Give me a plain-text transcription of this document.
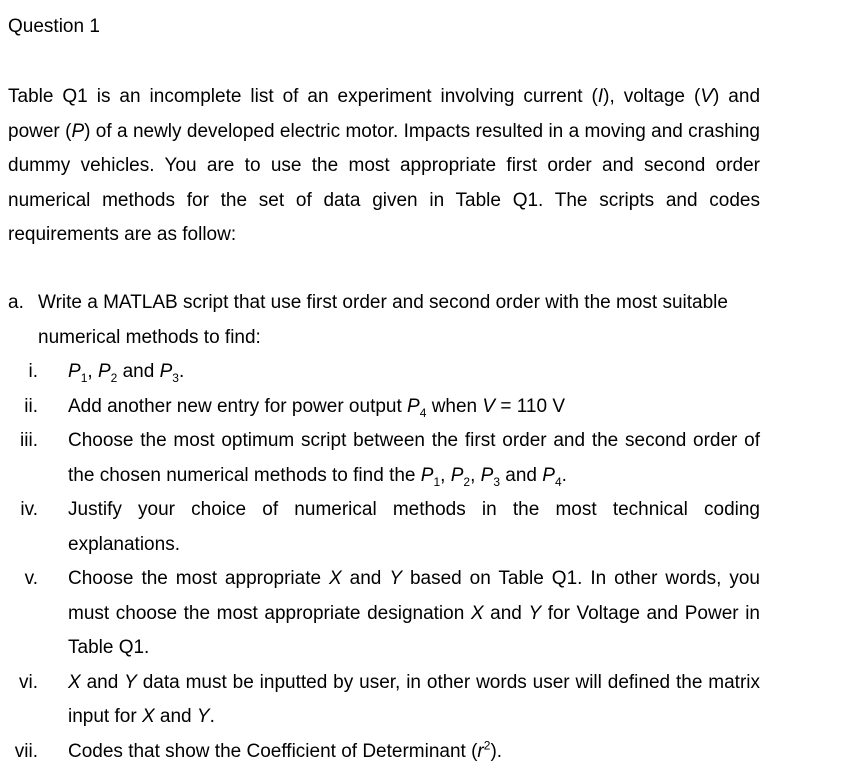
Question 1

Table Q1 is an incomplete list of an experiment involving current (I), voltage (V) and power (P) of a newly developed electric motor. Impacts resulted in a moving and crashing dummy vehicles. You are to use the most appropriate first order and second order numerical methods for the set of data given in Table Q1. The scripts and codes requirements are as follow:

a. Write a MATLAB script that use first order and second order with the most suitable numerical methods to find:
i.	$P_1$, $P_2$ and $P_3$.
ii.	Add another new entry for power output $P_4$ when V = 110 V
iii.	Choose the most optimum script between the first order and the second order of the chosen numerical methods to find the $P_1$, $P_2$, $P_3$ and $P_4$.
iv.	Justify your choice of numerical methods in the most technical coding explanations.
v.	Choose the most appropriate X and Y based on Table Q1. In other words, you must choose the most appropriate designation X and Y for Voltage and Power in Table Q1.
vi.	X and Y data must be inputted by user, in other words user will defined the matrix input for X and Y.
vii.	Codes that show the Coefficient of Determinant $(r^2)$.
